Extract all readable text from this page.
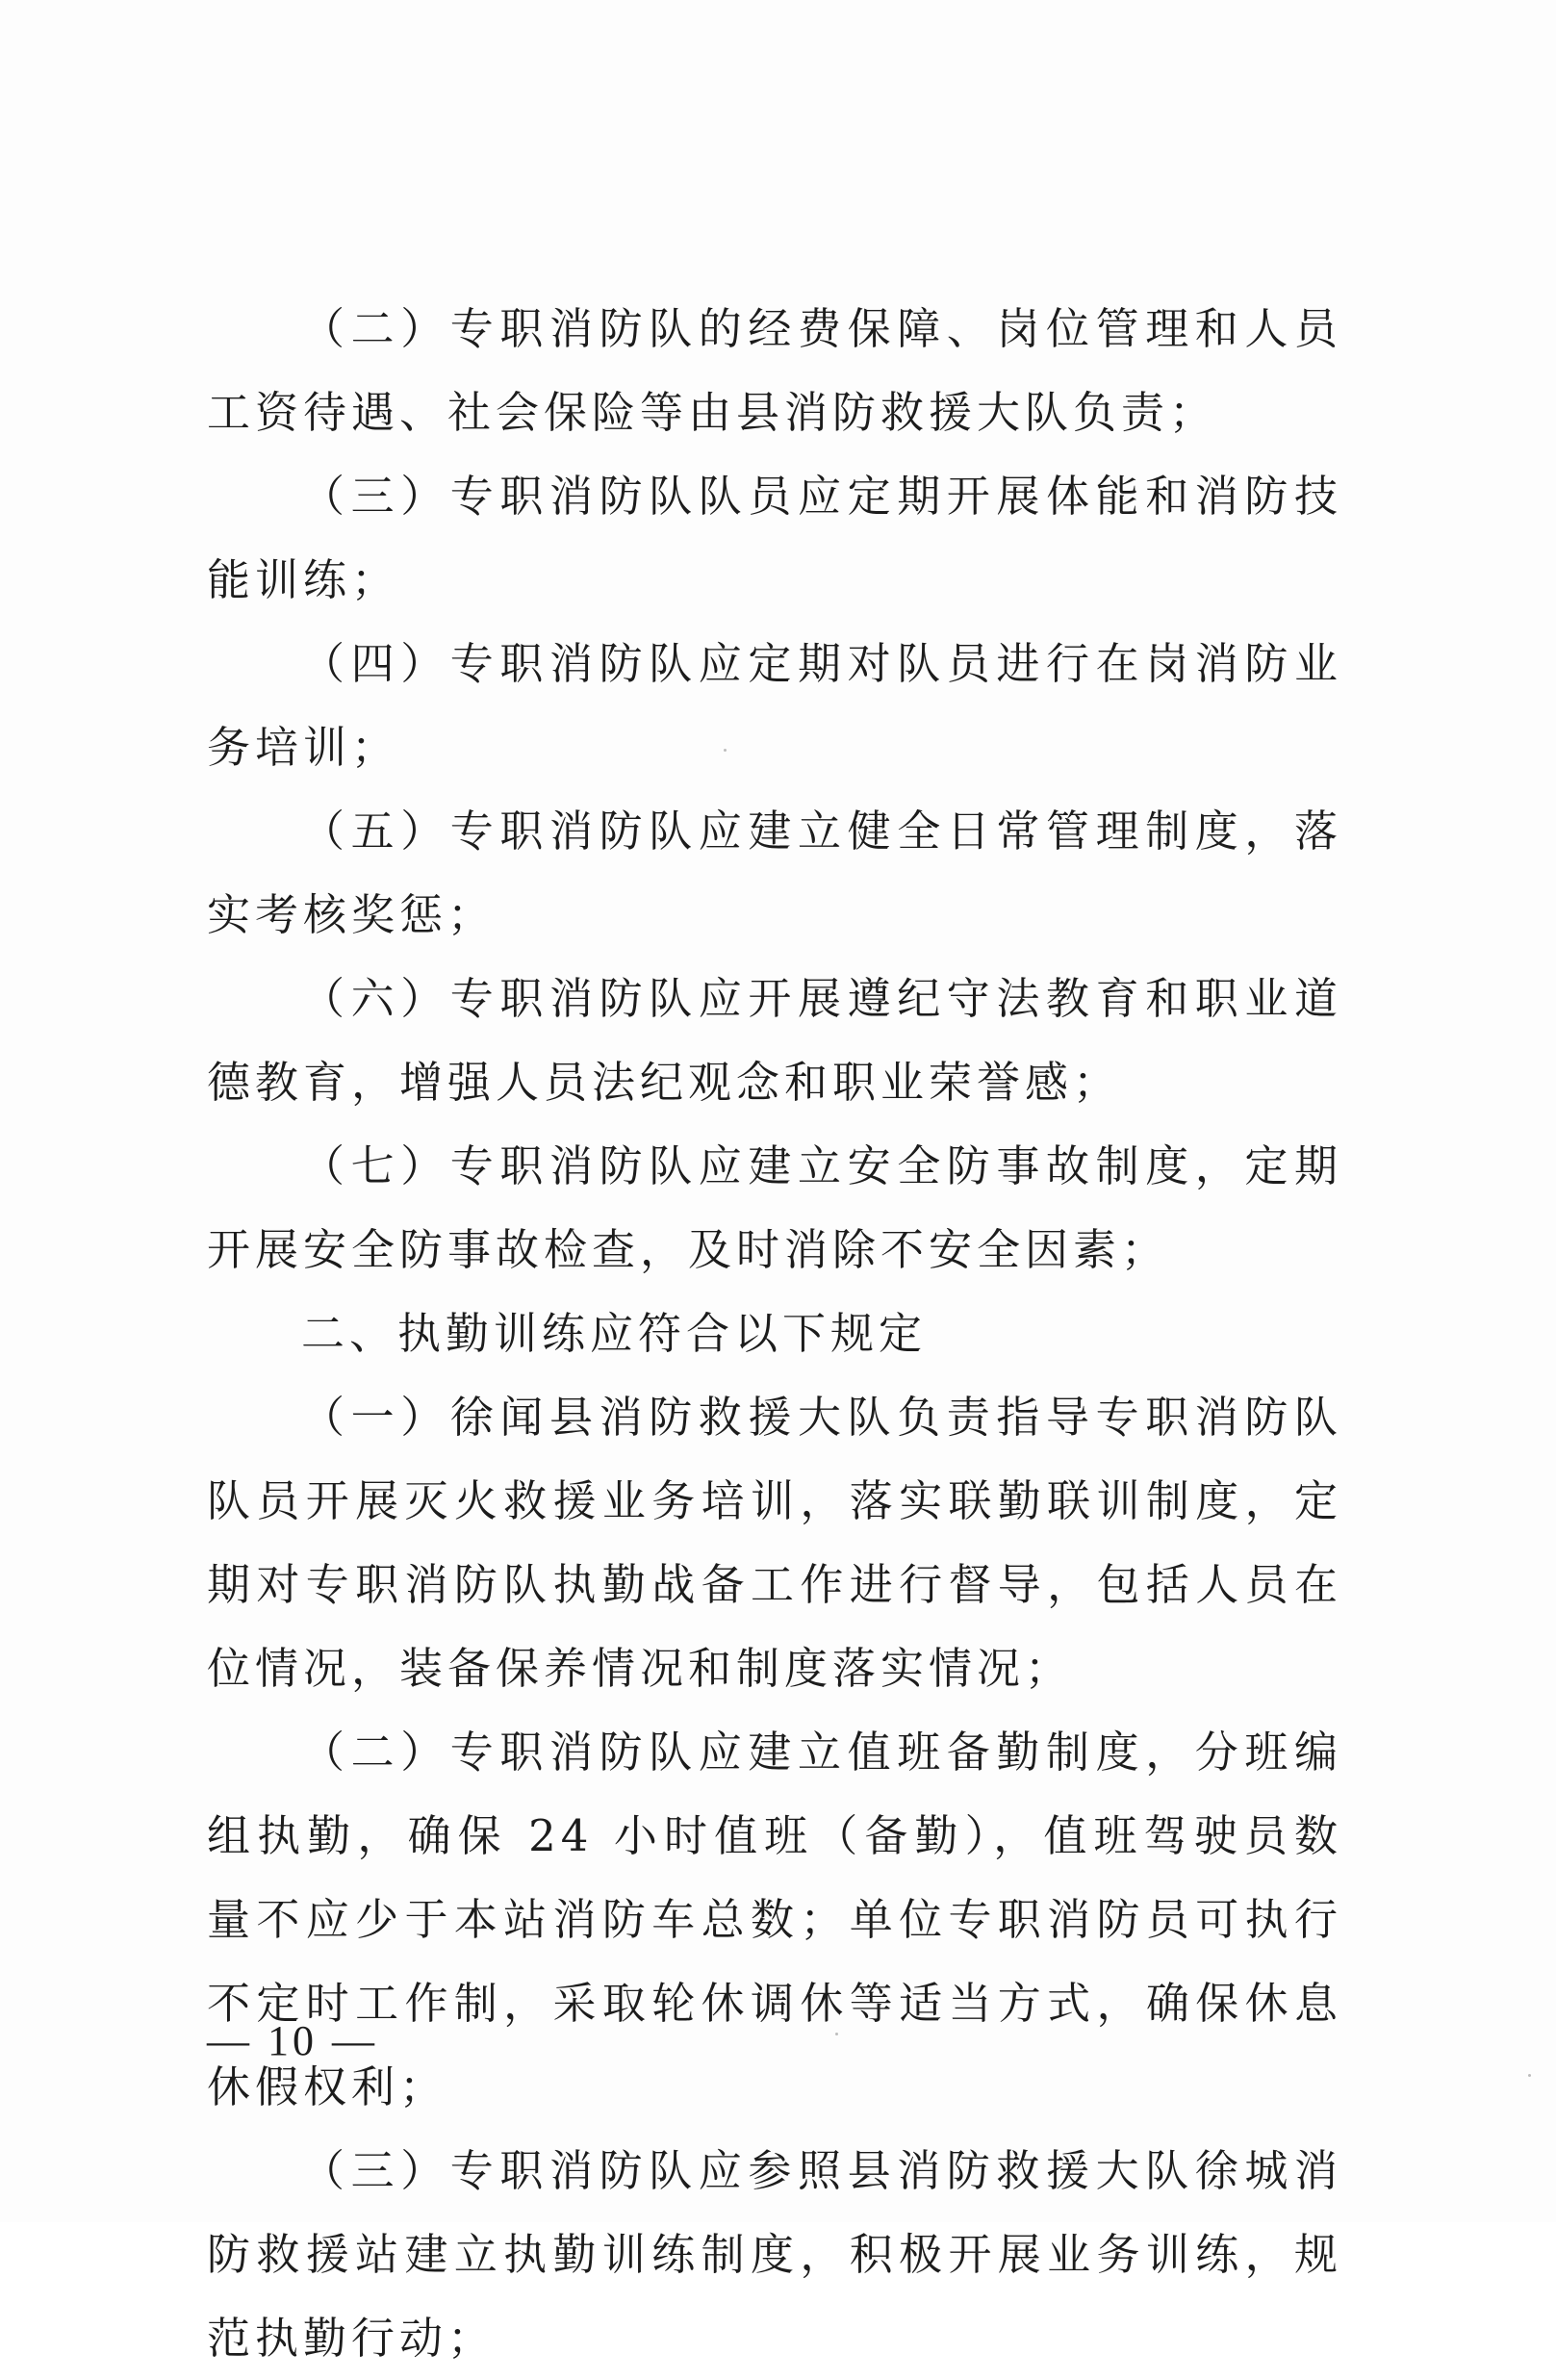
（二）专职消防队的经费保障、岗位管理和人员工资待遇、社会保险等由县消防救援大队负责；

（三）专职消防队队员应定期开展体能和消防技能训练；

（四）专职消防队应定期对队员进行在岗消防业务培训；

（五）专职消防队应建立健全日常管理制度，落实考核奖惩；

（六）专职消防队应开展遵纪守法教育和职业道德教育，增强人员法纪观念和职业荣誉感；

（七）专职消防队应建立安全防事故制度，定期开展安全防事故检查，及时消除不安全因素；

二、执勤训练应符合以下规定

（一）徐闻县消防救援大队负责指导专职消防队队员开展灭火救援业务培训，落实联勤联训制度，定期对专职消防队执勤战备工作进行督导，包括人员在位情况，装备保养情况和制度落实情况；

（二）专职消防队应建立值班备勤制度，分班编组执勤，确保 24 小时值班（备勤），值班驾驶员数量不应少于本站消防车总数；单位专职消防员可执行不定时工作制，采取轮休调休等适当方式，确保休息休假权利；

（三）专职消防队应参照县消防救援大队徐城消防救援站建立执勤训练制度，积极开展业务训练，规范执勤行动；

— 10 —
